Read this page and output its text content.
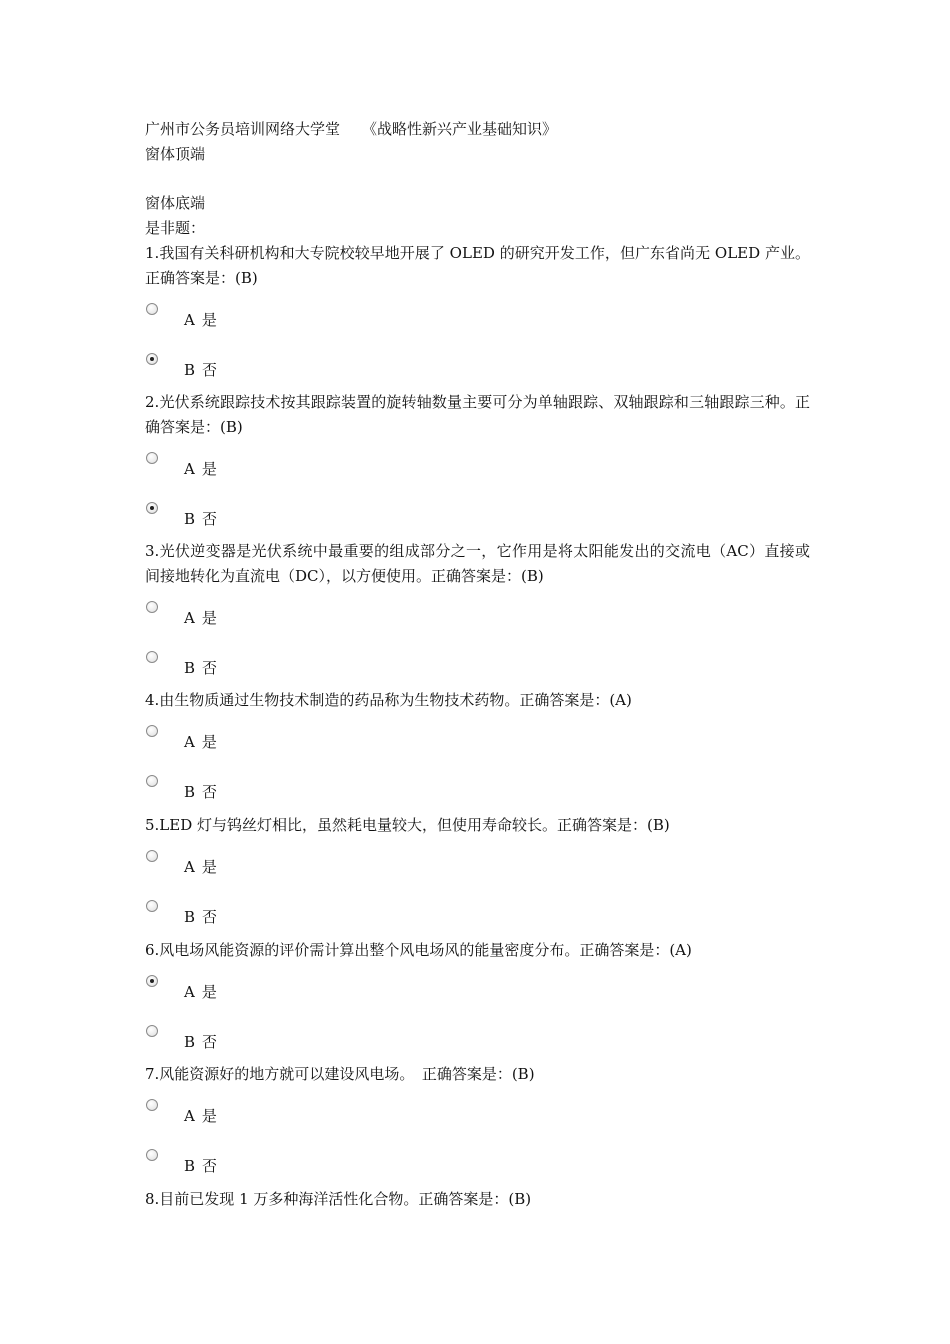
广州市公务员培训网络大学堂 《战略性新兴产业基础知识》
窗体顶端
窗体底端
是非题：
1.我国有关科研机构和大专院校较早地开展了 OLED 的研究开发工作，但广东省尚无 OLED 产业。正确答案是：(B)
A 是
B 否
2.光伏系统跟踪技术按其跟踪装置的旋转轴数量主要可分为单轴跟踪、双轴跟踪和三轴跟踪三种。正确答案是：(B)
A 是
B 否
3.光伏逆变器是光伏系统中最重要的组成部分之一，它作用是将太阳能发出的交流电（AC）直接或间接地转化为直流电（DC），以方便使用。正确答案是：(B)
A 是
B 否
4.由生物质通过生物技术制造的药品称为生物技术药物。正确答案是：(A)
A 是
B 否
5.LED 灯与钨丝灯相比，虽然耗电量较大，但使用寿命较长。正确答案是：(B)
A 是
B 否
6.风电场风能资源的评价需计算出整个风电场风的能量密度分布。正确答案是：(A)
A 是
B 否
7.风能资源好的地方就可以建设风电场。　正确答案是：(B)
A 是
B 否
8.目前已发现 1 万多种海洋活性化合物。正确答案是：(B)
